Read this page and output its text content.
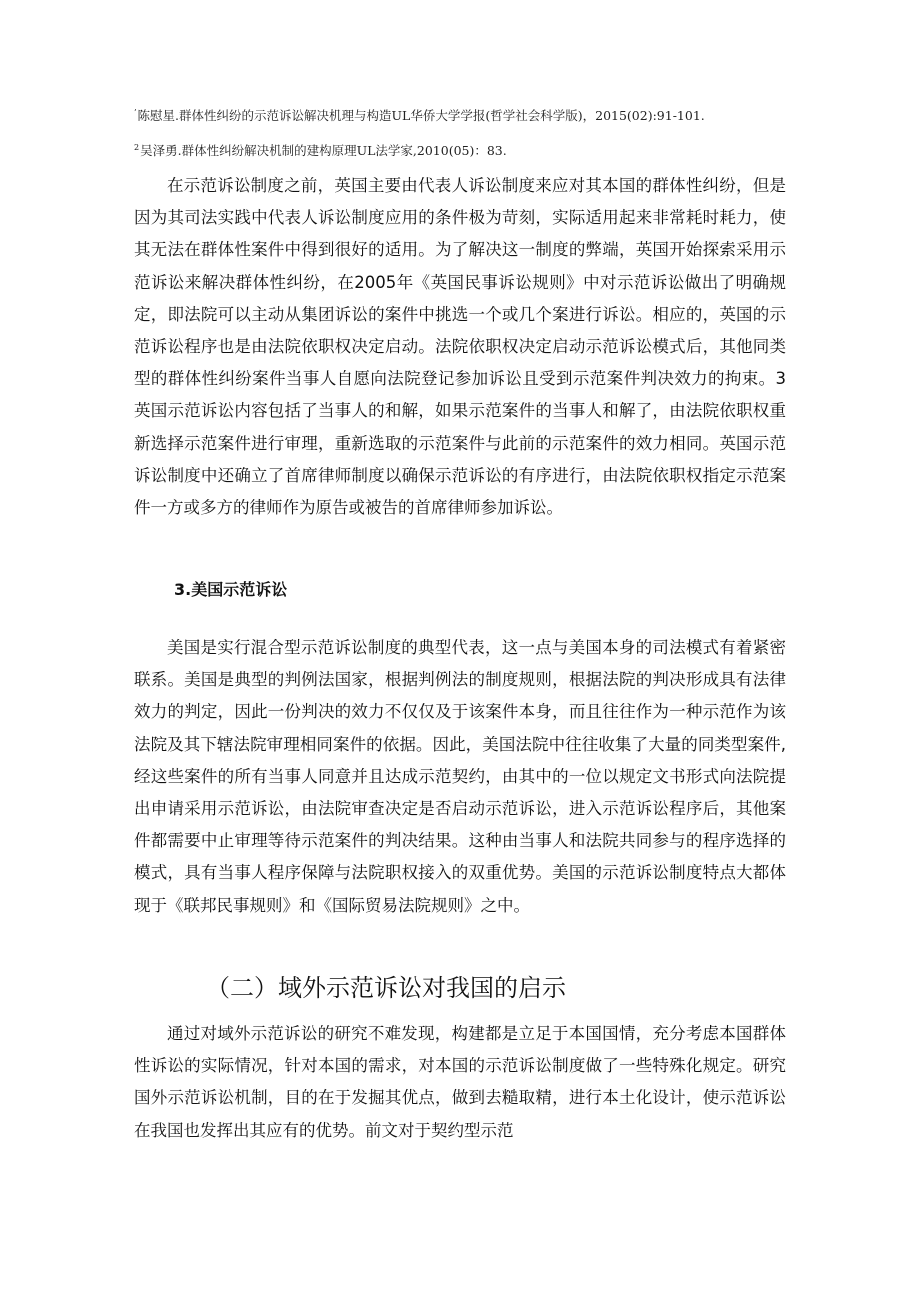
’陈慰星.群体性纠纷的示范诉讼解决机理与构造UL华侨大学学报(哲学社会科学版)，2015(02):91-101.
$^2$吴泽勇.群体性纠纷解决机制的建构原理UL法学家,2010(05)：83.

在示范诉讼制度之前，英国主要由代表人诉讼制度来应对其本国的群体性纠纷，但是因为其司法实践中代表人诉讼制度应用的条件极为苛刻，实际适用起来非常耗时耗力，使其无法在群体性案件中得到很好的适用。为了解决这一制度的弊端，英国开始探索采用示范诉讼来解决群体性纠纷，在2005年《英国民事诉讼规则》中对示范诉讼做出了明确规定，即法院可以主动从集团诉讼的案件中挑选一个或几个案进行诉讼。相应的，英国的示范诉讼程序也是由法院依职权决定启动。法院依职权决定启动示范诉讼模式后，其他同类型的群体性纠纷案件当事人自愿向法院登记参加诉讼且受到示范案件判决效力的拘束。3英国示范诉讼内容包括了当事人的和解，如果示范案件的当事人和解了，由法院依职权重新选择示范案件进行审理，重新选取的示范案件与此前的示范案件的效力相同。英国示范诉讼制度中还确立了首席律师制度以确保示范诉讼的有序进行，由法院依职权指定示范案件一方或多方的律师作为原告或被告的首席律师参加诉讼。

3.美国示范诉讼

美国是实行混合型示范诉讼制度的典型代表，这一点与美国本身的司法模式有着紧密联系。美国是典型的判例法国家，根据判例法的制度规则，根据法院的判决形成具有法律效力的判定，因此一份判决的效力不仅仅及于该案件本身，而且往往作为一种示范作为该法院及其下辖法院审理相同案件的依据。因此，美国法院中往往收集了大量的同类型案件,经这些案件的所有当事人同意并且达成示范契约，由其中的一位以规定文书形式向法院提出申请采用示范诉讼，由法院审查决定是否启动示范诉讼，进入示范诉讼程序后，其他案件都需要中止审理等待示范案件的判决结果。这种由当事人和法院共同参与的程序选择的模式，具有当事人程序保障与法院职权接入的双重优势。美国的示范诉讼制度特点大都体现于《联邦民事规则》和《国际贸易法院规则》之中。

（二）域外示范诉讼对我国的启示

通过对域外示范诉讼的研究不难发现，构建都是立足于本国国情，充分考虑本国群体性诉讼的实际情况，针对本国的需求，对本国的示范诉讼制度做了一些特殊化规定。研究国外示范诉讼机制，目的在于发掘其优点，做到去糙取精，进行本土化设计，使示范诉讼在我国也发挥出其应有的优势。前文对于契约型示范
